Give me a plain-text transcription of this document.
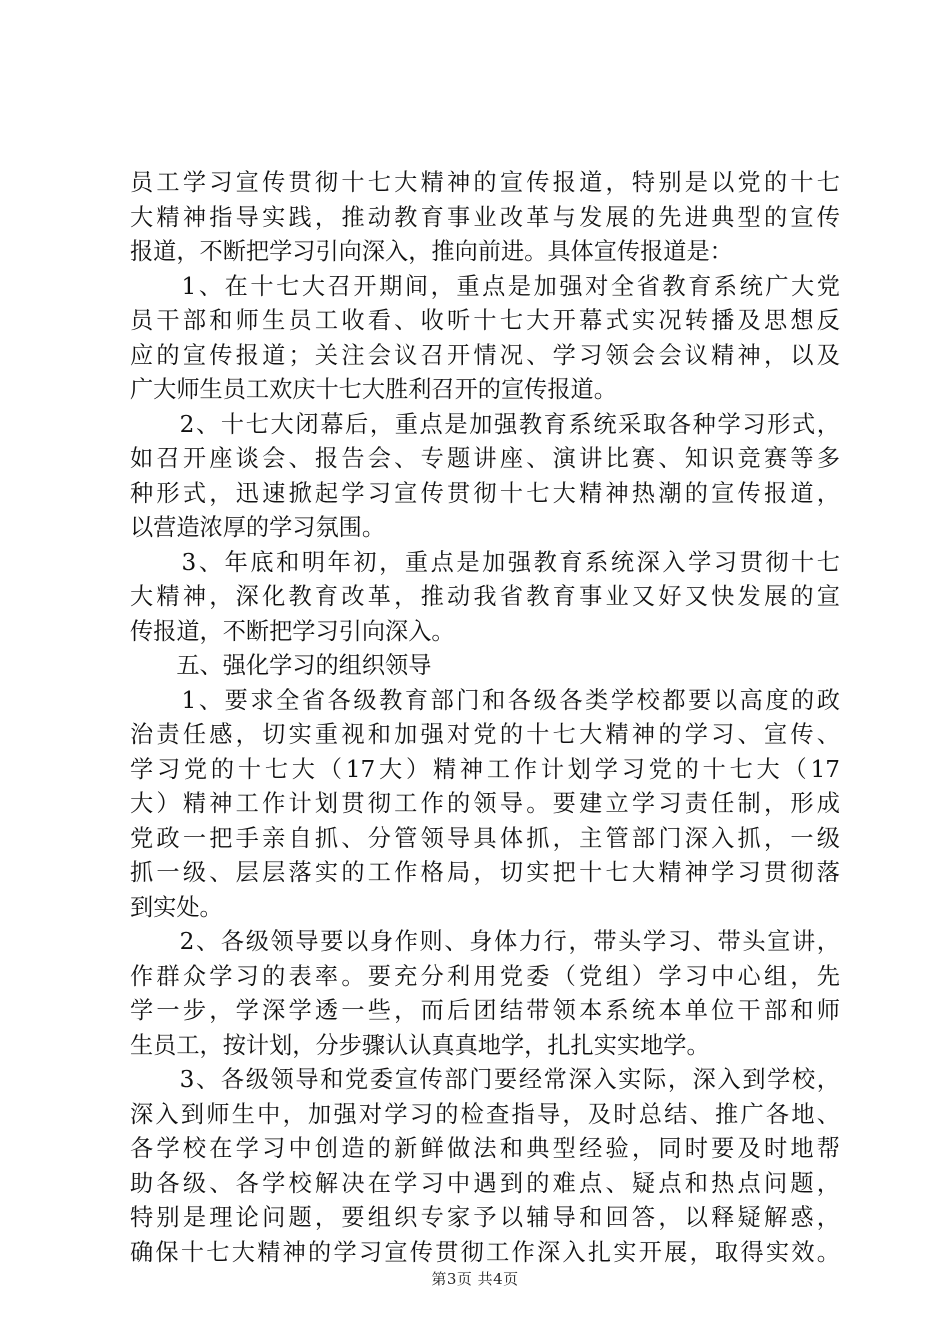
员工学习宣传贯彻十七大精神的宣传报道，特别是以党的十七
大精神指导实践，推动教育事业改革与发展的先进典型的宣传
报道，不断把学习引向深入，推向前进。具体宣传报道是：
　　1、在十七大召开期间，重点是加强对全省教育系统广大党
员干部和师生员工收看、收听十七大开幕式实况转播及思想反
应的宣传报道；关注会议召开情况、学习领会会议精神，以及
广大师生员工欢庆十七大胜利召开的宣传报道。
　　2、十七大闭幕后，重点是加强教育系统采取各种学习形式，
如召开座谈会、报告会、专题讲座、演讲比赛、知识竞赛等多
种形式，迅速掀起学习宣传贯彻十七大精神热潮的宣传报道，
以营造浓厚的学习氛围。
　　3、年底和明年初，重点是加强教育系统深入学习贯彻十七
大精神，深化教育改革，推动我省教育事业又好又快发展的宣
传报道，不断把学习引向深入。
　　五、强化学习的组织领导
　　1、要求全省各级教育部门和各级各类学校都要以高度的政
治责任感，切实重视和加强对党的十七大精神的学习、宣传、
学习党的十七大（17大）精神工作计划学习党的十七大（17
大）精神工作计划贯彻工作的领导。要建立学习责任制，形成
党政一把手亲自抓、分管领导具体抓，主管部门深入抓，一级
抓一级、层层落实的工作格局，切实把十七大精神学习贯彻落
到实处。
　　2、各级领导要以身作则、身体力行，带头学习、带头宣讲，
作群众学习的表率。要充分利用党委（党组）学习中心组，先
学一步，学深学透一些，而后团结带领本系统本单位干部和师
生员工，按计划，分步骤认认真真地学，扎扎实实地学。
　　3、各级领导和党委宣传部门要经常深入实际，深入到学校，
深入到师生中，加强对学习的检查指导，及时总结、推广各地、
各学校在学习中创造的新鲜做法和典型经验，同时要及时地帮
助各级、各学校解决在学习中遇到的难点、疑点和热点问题，
特别是理论问题，要组织专家予以辅导和回答，以释疑解惑，
确保十七大精神的学习宣传贯彻工作深入扎实开展，取得实效。
第3页 共4页
